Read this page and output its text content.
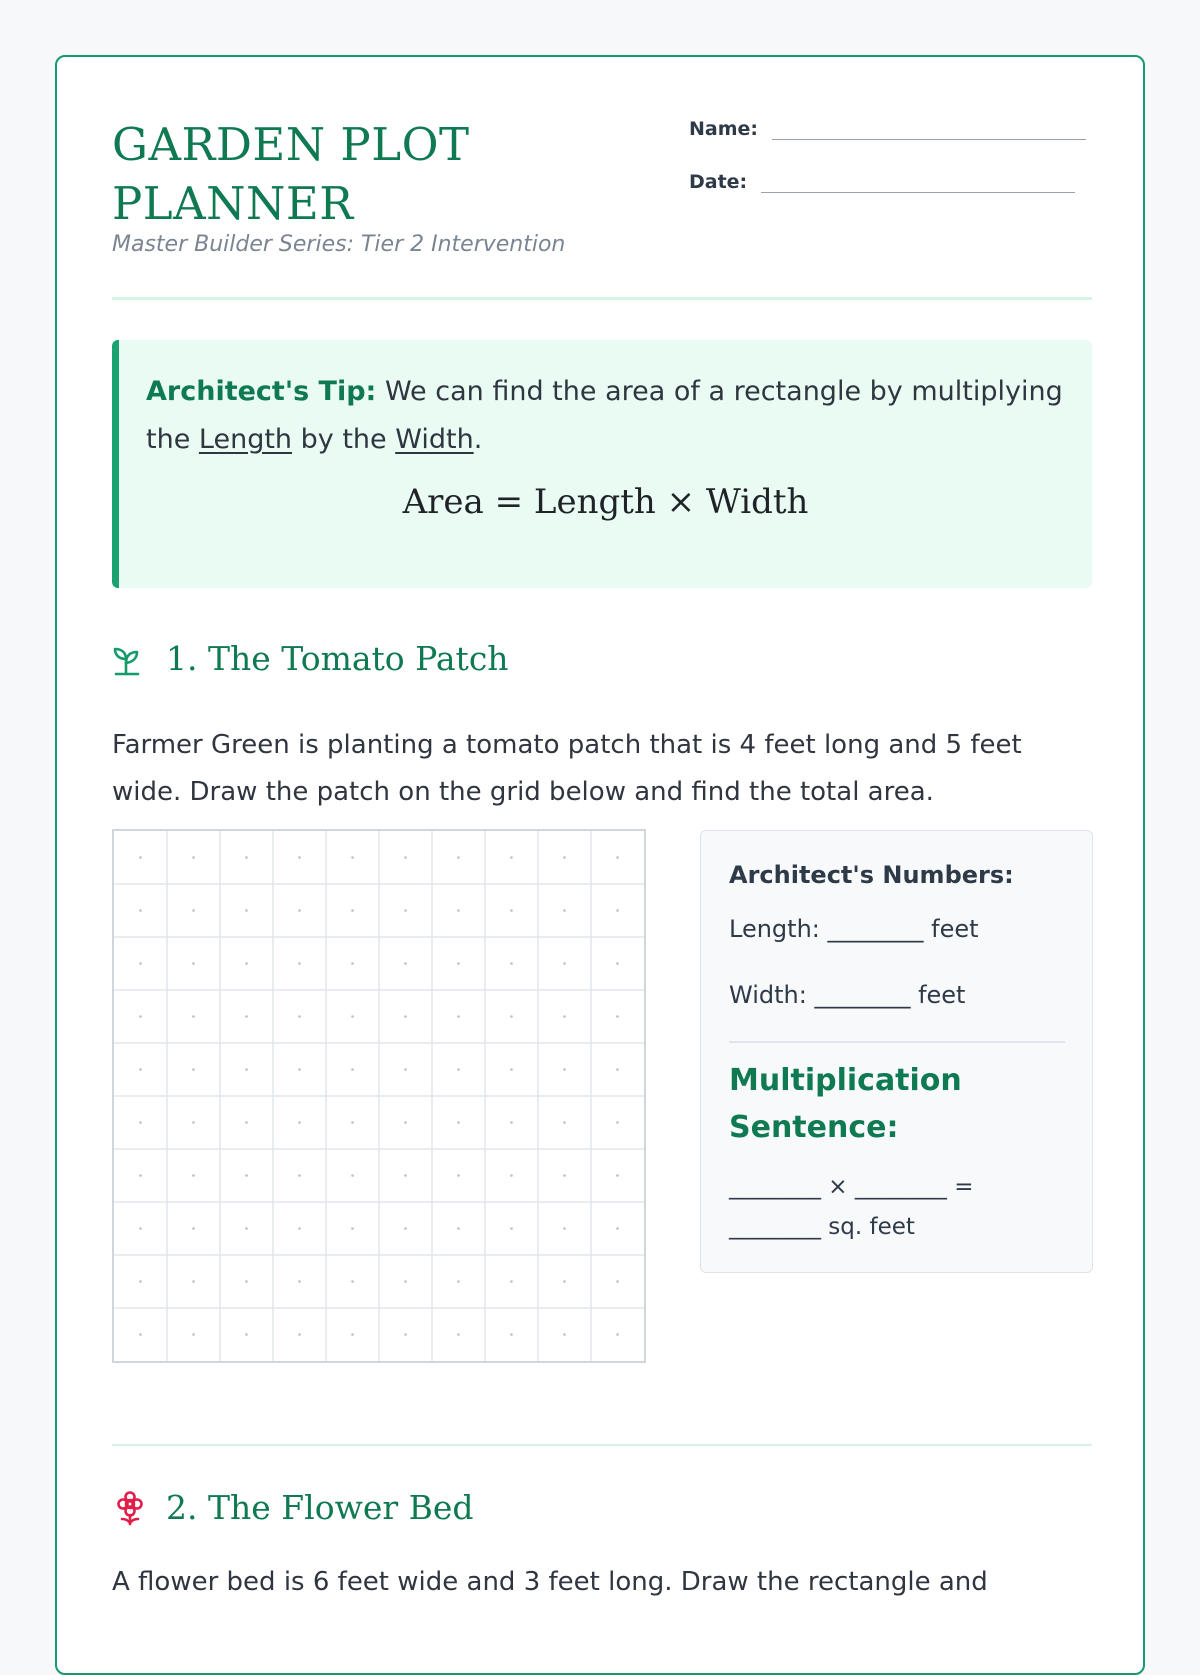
GARDEN PLOT PLANNER
Master Builder Series: Tier 2 Intervention
Name:
Date:

Architect's Tip: We can find the area of a rectangle by multiplying the Length by the Width.

Area = Length × Width
1. The Tomato Patch

Farmer Green is planting a tomato patch that is 4 feet long and 5 feet wide. Draw the patch on the grid below and find the total area.

Architect's Numbers:
Length: ________ feet
Width: ________ feet
Multiplication Sentence:
________ × ________ = ________ sq. feet
2. The Flower Bed

A flower bed is 6 feet wide and 3 feet long. Draw the rectangle and
